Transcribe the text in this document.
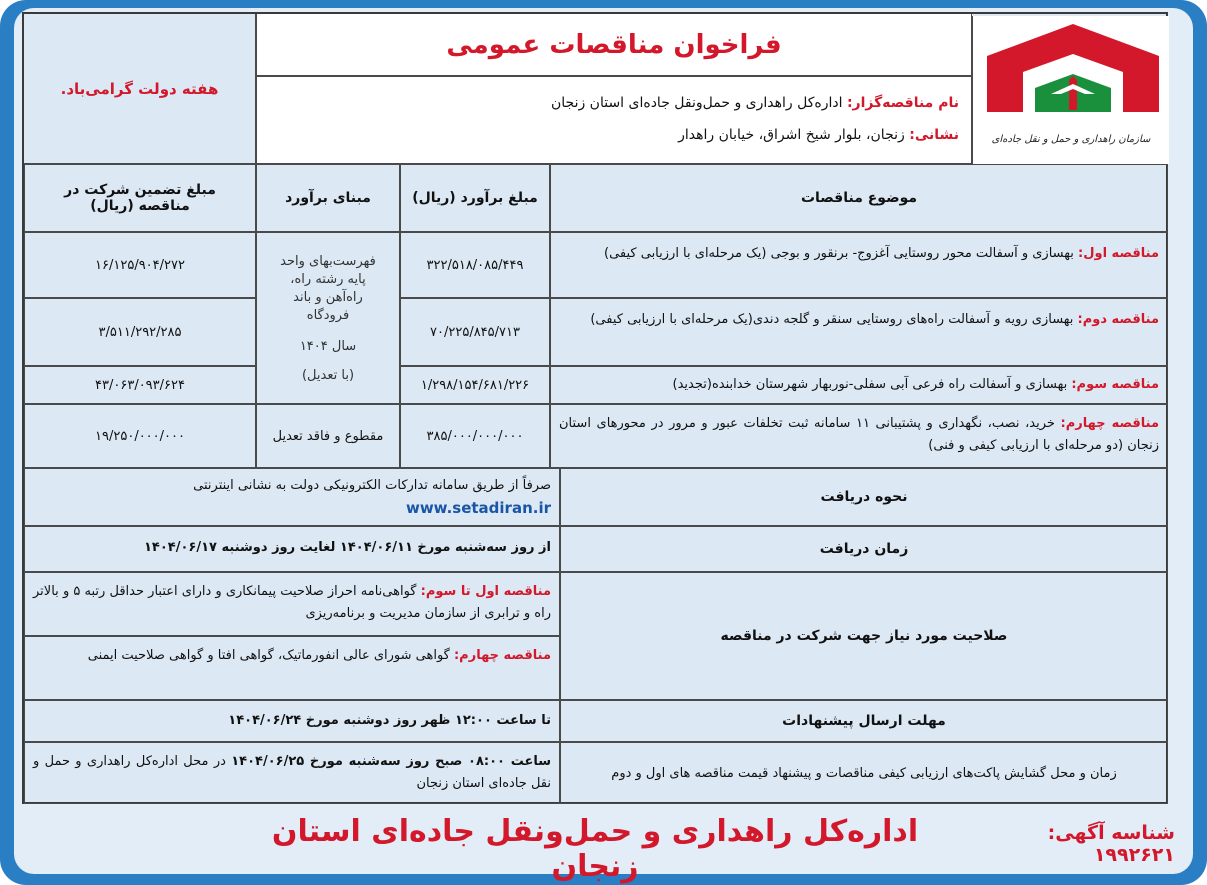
سازمان راهداری و حمل و نقل جاده‌ای
فراخوان مناقصات عمومی
نام مناقصه‌گزار: اداره‌کل راهداری و حمل‌ونقل جاده‌ای استان زنجان
نشانی: زنجان، بلوار شیخ اشراق، خیابان راهدار
هفته دولت گرامی‌باد.
موضوع مناقصات
مبلغ برآورد (ریال)
مبنای برآورد
مبلغ تضمین شرکت در مناقصه (ریال)
مناقصه اول: بهسازی و آسفالت محور روستایی آغزوج- برنقور و بوجی (یک مرحله‌ای با ارزیابی کیفی)
۳۲۲/۵۱۸/۰۸۵/۴۴۹
۱۶/۱۲۵/۹۰۴/۲۷۲
مناقصه دوم: بهسازی رویه و آسفالت راه‌های روستایی سنقر و گلجه دندی(یک مرحله‌ای با ارزیابی کیفی)
۷۰/۲۲۵/۸۴۵/۷۱۳
۳/۵۱۱/۲۹۲/۲۸۵
مناقصه سوم: بهسازی و آسفالت راه فرعی آبی سفلی-نوربهار شهرستان خدابنده(تجدید)
۱/۲۹۸/۱۵۴/۶۸۱/۲۲۶
۴۳/۰۶۳/۰۹۳/۶۲۴
فهرست‌بهای واحد پایه رشته راه، راه‌آهن و باند فرودگاه
سال ۱۴۰۴
(با تعدیل)
مناقصه چهارم: خرید، نصب، نگهداری و پشتیبانی ۱۱ سامانه ثبت تخلفات عبور و مرور در محورهای استان زنجان (دو مرحله‌ای با ارزیابی کیفی و فنی)
۳۸۵/۰۰۰/۰۰۰/۰۰۰
مقطوع و فاقد تعدیل
۱۹/۲۵۰/۰۰۰/۰۰۰
نحوه دریافت
صرفاً از طریق سامانه تدارکات الکترونیکی دولت به نشانی اینترنتی
www.setadiran.ir
زمان دریافت
از روز سه‌شنبه مورخ ۱۴۰۴/۰۶/۱۱ لغایت روز دوشنبه ۱۴۰۴/۰۶/۱۷
صلاحیت مورد نیاز جهت شرکت در مناقصه
مناقصه اول تا سوم: گواهی‌نامه احراز صلاحیت پیمانکاری و دارای اعتبار حداقل رتبه ۵ و بالاتر راه و ترابری از سازمان مدیریت و برنامه‌ریزی
مناقصه چهارم: گواهی شورای عالی انفورماتیک، گواهی افتا و گواهی صلاحیت ایمنی
مهلت ارسال پیشنهادات
تا ساعت ۱۲:۰۰ ظهر روز دوشنبه مورخ ۱۴۰۴/۰۶/۲۴
زمان و محل گشایش پاکت‌های ارزیابی کیفی مناقصات و پیشنهاد قیمت مناقصه های اول و دوم
ساعت ۰۸:۰۰ صبح روز سه‌شنبه مورخ ۱۴۰۴/۰۶/۲۵ در محل اداره‌کل راهداری و حمل و نقل جاده‌ای استان زنجان
شناسه آگهی: ۱۹۹۲۶۲۱
اداره‌کل راهداری و حمل‌ونقل جاده‌ای استان زنجان
